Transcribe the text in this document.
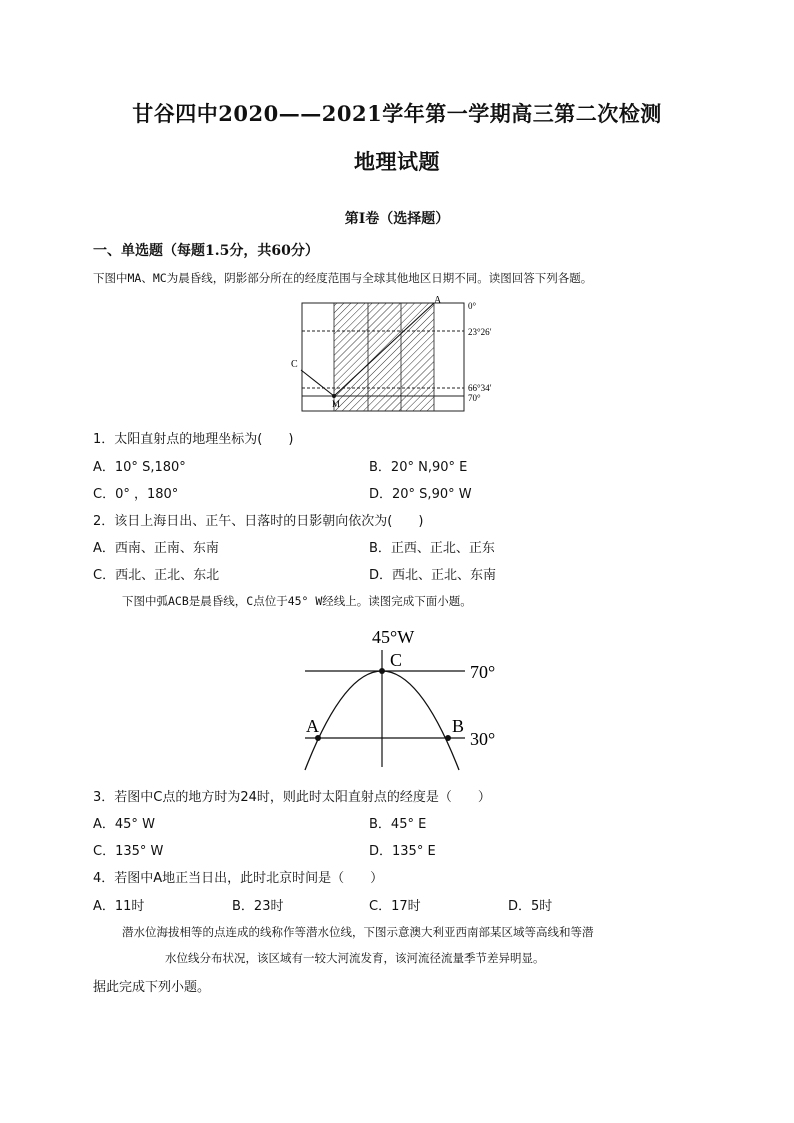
甘谷四中2020——2021学年第一学期高三第二次检测
地理试题
第Ⅰ卷（选择题）
一、单选题（每题1.5分，共60分）
下图中MA、MC为晨昏线，阴影部分所在的经度范围与全球其他地区日期不同。读图回答下列各题。
A
C
M
0°
23°26′
66°34′
70°
1．太阳直射点的地理坐标为(　　)
A．10° S,180°	B．20° N,90° E
C．0° ，180°	D．20° S,90° W
2．该日上海日出、正午、日落时的日影朝向依次为(　　)
A．西南、正南、东南	B．正西、正北、正东
C．西北、正北、东北	D．西北、正北、东南
下图中弧ACB是晨昏线，C点位于45° W经线上。读图完成下面小题。
45°W
C
A	B
70°
30°
3．若图中C点的地方时为24时，则此时太阳直射点的经度是（　　）
A．45° W	B．45° E
C．135° W	D．135° E
4．若图中A地正当日出，此时北京时间是（　　）
A．11时	B．23时	C．17时	D．5时
潜水位海拔相等的点连成的线称作等潜水位线，下图示意澳大利亚西南部某区域等高线和等潜
水位线分布状况，该区域有一较大河流发育，该河流径流量季节差异明显。
据此完成下列小题。
